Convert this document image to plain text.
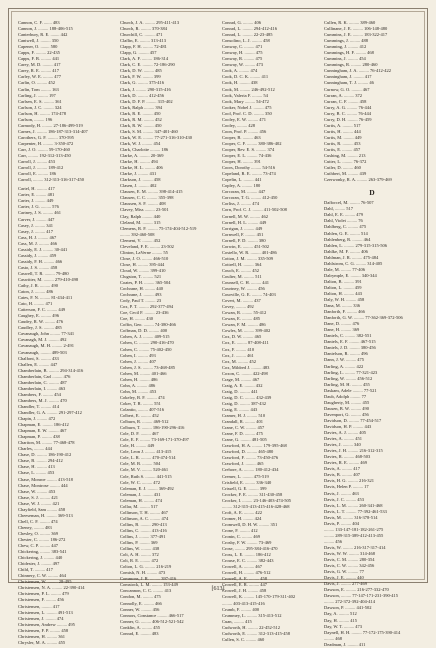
Cannon, C. F. ....... 483
Cannon, J. ......... 188-406-515
Canterbury, R. E. ........ 442
Cantwell, J. ......... 350
Capener, O. ........ 580
Capps, F. ......... 22-435
Capps, F. B. ......... 441
Carey, M. D. ......... 417
Carey, R. E. ......... 417
Carley, W. E. ......... 477
Carlin, O. ......... 452
Carlin, Tom ......... 163
Carling, J. ......... 197
Carlsen, E. S. ......... 361
Carlson, J. C. ......... 324
Carlson, H. ......... 174-478
Carlson, ......... 196
Carmody, H. ......... 27-186-499-519
Carnes, J. ......... 186-187-313-314-407
Carothers, G. F. ......... 370-595
Carpenter, H. ......... 3-350-472
Carr, J. O. ......... 59-170-460
Carr, ......... 192-312-313-450
Carroll, J. ......... 453
Carroll, J. ......... 189-412
Carroll, E. ......... 186
Carroll, ......... 312-313-316-317-450
Cartel, H. ......... 417
Carter, E. ......... 481
Carter, J. ......... 449
Carter, J. G. ......... 576
Cartney, J. S. ......... 461
Carver, J. ......... 447
Casey, J. ......... 341
Casey, J. ......... 417
Cass, H. J. ......... 467
Cass, M. J. ......... 466
Cassidy, E. J. ......... 30-441
Cassidy, J. ......... 459
Cassidy, F. H. ......... 466
Casto, J. S. ......... 458
Caswell, T. R. ......... 79-480
Caswitter, M. ......... 279-410-498
Cathy, J. R. ......... 490
Caton, J. ......... 486
Cates, F. N. ......... 81-434-411
Cato, H. ......... 471
Catterson, F. C. ......... 449
Caughey, E. ......... 496
Caudey, R. W. ......... 476
Caudley, J. S. ......... 485
Cavanaugh, John ......... 77-341
Cavanagh, M. J. ......... 492
Cavanaugh, M. H. ......... 2-491
Cavanaugh, ......... 489-503
Chalfont, S. ......... 433
Challen, E. ......... 447
Chamberlain, B. ......... 294-314-416
Chamberlain, Carl ......... 476
Chamberlain, C. ......... 487
Chamberlain, I. ......... 463
Chambers, F. ......... 454
Chambers, M. J. ......... 470
Chandler, T. ......... 414
Chandler, G. A. ......... 291-297-412
Chapin, J. ......... 472
Chapman, E. ......... 186-412
Chapman, E. W. ......... 467
Chapman, P. ......... 438
Chariton, M. ......... 77-468-478
Charles, ......... 444
Chase, D. ......... 186-190-412
Chase, B. ......... 294-412
Chase, H. ......... 413
Chase, L. ......... 453
Chase, Monroe ......... 413-518
Chase, Montrose ......... 444
Chase, W. ......... 453
Chase, S. J. ......... 421
Chase, W. J. ......... 421
Chayfield, Sam ......... 458
Cheeseman, H. ......... 369-513
Chell, C. F. ......... 474
Cheney, ......... 483
Chesley, O. ......... 369
Chester, C. ......... 186-272
Chew, C. P. ......... 447
Chickering, ......... 383-541
Chickering, J. ......... 440
Chidester, J. ......... 497
Child, T. ......... 417
Chinnery, C. W. ......... 464
Christensen, W. ......... 28-495
Christensen, N. A. ......... 22-390-414
Christensen, P. L. ......... 479
Christensen, F. ......... 456
Christensen, ......... 417
Christensen, L. ......... 491-513
Christensen, J. ......... 474
Christensen, Andrew ......... 495
Christensen, F. P. ......... 458
Christensen, H. ......... 361
Chrysler, M. A. ......... 455
Church, J. A. ......... 295-411-413
Church, R. ......... 370-384
Churchill, C. ......... 471
Claflin, E. ......... 313-413
Clapp, F. H. ......... 72-481
Clapp, G. ......... 457
Clark, A. F. ......... 186-314
Clark, C. E. ......... 72-186-290
Clark, D. W. ......... 485
Clark, F. W. ......... 399
Clark, G. ......... 375-416
Clark, J. ......... 290-315-416
Clark, D. ......... 412-456
Clark, D. F. P. ......... 315-402
Clark, Ralph ......... 394
Clark, R. E. ......... 450
Clark, R. M. ......... 452
Clark, R. W. ......... 450
Clark, S. M. ......... 347-401-460
Clark, W. E. ......... 77-271-316-310-430
Clark, W. J. ......... 454
Clark, Charlotte ......... 186
Clarke, A. ......... 20-369
Clarke, H. ......... 494
Clarke, H. L. ......... 406
Clarke, J. ......... 431
Clarkson, J. ......... 458
Clasen, J. ......... 402
Clausen, E. M. ......... 398-414-415
Clausen, C. C. ......... 355-398
Claussen, S. F. ......... 408
Clavey, Miss ......... 23-501
Clay, Ralph ......... 440
Cleland, M. ......... 315
Clemens, R. F. ......... 75-174-404-512-519
......... 392-460-508
Clement, V. ......... 452
Cleveland, F. E. ......... 23-502
Clinton, LaVerne ......... 55
Close, J. O. ......... 466-510
Close, H. ......... 395-444
Cloud, W. ......... 399-410
Clugston, T. ......... 521
Coates, P. H. ......... 365-504
Cochrane, H. ......... 440
Cochrane, J. ......... 493
Cody, Paul T. ......... 23
Cox, P. T. ......... 292-377-494
Coe, Cecil F. ......... 23-436
Coe, H. ......... 430
Coffin, Geo. ......... 74-380-466
Coffman, D. D. ......... 400
Cohen, A. J. ......... 409-515
Cohen, C. ......... 290-416-470
Cohen, C. ......... 75-402-450
Cohen, I. ......... 493
Cohen, J. ......... 407
Cohen, J. S. ......... 73-468-485
Cohen, M. ......... 401-466
Cohen, H. ......... 486
Cohn, A. ......... 486
Cohn, M. ......... 453
Cokeley, B. F. ......... 474
Coker, T. R. ......... 551
Colantio, ......... 407-516
Colbert, E. ......... 452
Colburn, R. ......... 469-512
Colburn, T. ......... 186-190-296-416
Cole, D. F. ......... 467
Cole, E. F. ......... 73-169-171-370-497
Cole, H. ......... 449
Cole, Leon J. ......... 413-415
Cole, L. R. ......... 470-474-514
Cole, M. B. ......... 504
Cole, M. V. ......... 520-461
Cole, Ruth S. ......... 441-515
Cole, W. C. ......... 472
Coleman, E. J. ......... 369-492
Coleman, J. ......... 431
Coleman, H. ......... 474
Collar, M. ......... 517
Collinson, T. H. ......... 467
Collinson, A. C. ......... 474
Collins, B. ......... 290-413
Collins, C. ......... 413-416
Collins, J. ......... 377-491
Collins, P. ......... 369
Collins, W. ......... 438
Colt, A. H. ......... 372
Colt, R. E. ......... 472
Colton, L. G. ......... 216-219
Comish, N. H. ......... 473
Commons, J. R. ......... 397-416
Comstock, L. M. ......... 153-449
Concannon, C. C. ......... 413
Condon, M. ......... 475
Connolly, E. ......... 466
Conner, W. ......... 456
Connors, Constance ......... 466-517
Conner, G. ......... 406-512-521-542
Conklin, A. ......... 455
Conrad, E. ......... 483
Conrad, G. ......... 406
Conrad, L. ......... 294-412-416
Conrad, L. ......... 22-23-485
Consolino, L. J. ......... 458
Conway, C. ......... 471
Conway, H. ......... 475
Conway, R. ......... 475
Conway, W. ......... 473
Cook, A. ......... 474
Cook, D. C. K. ......... 411
Cook, H. ......... 438
Cook, M. ......... 246-492-512
Cook, Valeria F. ......... 54
Cook, Mary ......... 54-472
Cooker, Nobel J. ......... 475
Cool, Prof. C. D. ......... 350
Cooley, E. W. ......... 471
Cooley, ......... 428
Coon, Prof. P. ......... 456
Cooper, B. ......... 463
Cooper, C. F. ......... 380-386-402
Cooper, Rev. E. S. ......... 374
Cooper, E. L. ......... 74-436
Cooper, H. ......... 391
Coors, Dorothy ......... 54-516
Copeland, R. E. ......... 73-474
Copelin, L. ......... 441
Copley, A. ......... 180
Corcoran, M. ......... 447
Corcoran, T. G. ......... 412-450
Corliss, J. ......... 474
Corn, Prof. C. J. ......... 411-502-508
Cornell, M. W. ......... 462
Cornell, H. L. ......... 449
Corrigan, J. ......... 449
Cornwell, F. ......... 451
Cornell, F. D. ......... 380
Corwin, E. ......... 451-502
Costello, W. R. ......... 401-486
Cotton, J. M. ......... 335-509
Cottrell, H. ......... 364
Couch, E. ......... 452
Coulter, M. ......... 511
Counsell, C. H. ......... 441
Courtney, W. ......... 456
Courville, G. E. ......... 74-403
Covert, M. ......... 437
Covey, ......... 492
Cowan, R. ......... 55-412
Cowan, E. ......... 485
Cowan, F. M. ......... 486
Cowles, M. ......... 399-402
Cox, D. W. ......... 465
Cox, E. ......... 87-408-411
Cox, F. ......... 410
Cox, J. ......... 461
Cox, M. ......... 452
Cox, Mildred J. ......... 483
Coxon, C. ......... 422-498
Crage, M. ......... 467
Craig, A. E. ......... 432
Craig, D. ......... 441
Craig, D. C. ......... 432-439
Craig, D. ......... 387-432
Craig, E. ......... 443
Cramer, H. J. ......... 510
Crandall, R. ......... 401
Crane, C. W. ......... 457
Crane, F. D. ......... 475
Crane, G. ......... 481-505
Crawford, H. A. ......... 179-395-468
Crawford, D. ......... 465-480
Crawford, F. ......... 73-450-476
Crawford, J. ......... 465
Crehore, A. ......... 180-412-434
Cremer, L. ......... 475-519
Crisfield, E. ......... 336-340
Crissell, G. E. ......... 399
Crocker, F. E. ......... 311-430-458
Crocker, I. ......... 23-146-403-474-505
......... 312-315-413-415-416-428-468
Croft, A. E. ......... 422
Cromer, H. ......... 424
Cromwell, D. H. W. ......... 351
Crone, F. ......... 412
Cronin, C. ......... 469
Crosby, F. W. ......... 73-469
Crose, ......... 295-384-416-470
Cross, L. E. ......... 186-412
Crouse, E. C. ......... 382-443
Crowell, A. ......... 467
Crowell, H. ......... 476-512
Crowell, A. E. ......... 458
Crowell, E. R. ......... 447
Crowell, J. H. ......... 458
Crowell, K. ......... 145-170-179-311-402
......... 403-413-415-416
Crumb, F. ......... 400
Crummey, L. ......... 315-413-512
Cuan, ......... 415
Cudworth, H. ......... 22-452-512
Cudworth, E. ......... 312-313-415-458
Cullen, S. C. ......... 460
Cullen, R. K. ......... 389-460
Cullinane, J. E. ......... 106-148-480
Cummins, J. E. ......... 183-322-417
Cummings, J. ......... 488
Cumming, J. ......... 412
Cummings, H. F. ......... 468
Cummins, J. ......... 454
Cummings, R. ......... 280-460
Cunningham, J. A. ......... 76-412-422
Cunningham, J. ......... 417
Cunningham, T. J. ......... 46
Curnow, G. O. ......... 467
Curran, A. ......... 372
Curran, C. F. ......... 458
Curry, A. G. ......... 76-444
Curry, B. C. ......... 76-444
Curry, D. H. ......... 76-459
Curtis, A. ......... 517
Curtis, H. ......... 444
Curtis, M. ......... 449
Curtis, R. ......... 453
Curtis, E. ......... 457
Cushing, M. ......... 213
Cutter, L. ......... 76-372
Cutler, D. ......... 460
Cuthbert, M. ......... 439
Czerwonky, R. A. ......... 263-379-469
D
Dafforcel, M. ......... 76-507
Dahl, ......... 517
Dahl, E. E. ......... 479
Dahl, Violet ......... 76
Dahlberg, C. ......... 475
Dahlen, G. E. ......... 514
Dahlenberg, R. ......... 464
Dahlen, L. ......... 279-315-315-506
Dahlke, M. F. ......... 406
Dahlman, J. R. ......... 475-484
Dahlstrom, C. G. ......... 314-405
Dale, M. ......... 77-406
Dalrymple, E. ......... 340-344
Dalton, B. ......... 391
Dalton, L. ......... 459
Dalton, H. ......... 443
Daly, W. H. ......... 458
Dana, M. ......... 336
Danforth, F. ......... 466
Danforth, G. W. ......... 77-362-369-372-506
Dane, D. ......... 476
Dane, H. ......... 369
Daniels, C. ......... 382-551
Daniels, E. F. ......... 467-515
Daniels, J. D. ......... 380-456
Danielson, R. ......... 496
Dann, J. W. ......... 475
Darling, A. ......... 422
Darling, L. ......... 77-321-423
Darling, W. ......... 456-512
Darling, M. H. ......... 455
Daskam, Adele ......... 77-521
Daub, Adolph ......... 77
Daugherty, M. ......... 455
Dausen, B. W. ......... 490
Davenport, G. ......... 456
Davidson, D. ......... 77-454-517
Davidson, H. P. ......... 443
Davies, A. J. ......... 405
Davies, A. ......... 451
Davies, J. ......... 340
Davies, J. H. ......... 216-312-315
Davies, R. ......... 468-503
Davies, R. E. ......... 469
Davis, A. ......... 417
Davis, B. ......... 407
Davis, H. G. ......... 216-321
Davis, Helen P. ......... 17
Davis, J. ......... 463
Davis, J. C. ......... 453
Davis, L. M. ......... 260-341-468
Davis, L. T. ......... 77-392-461-533
Davis, M. ......... 316-378-514
Davis, P. ......... 404
......... 133-147-181-182-261-275
......... 289-315-389-412-413-455
......... 456
Davis, W. ......... 216-317-317-414
Davis, W. W. ......... 314-468
Davis, C. M. ......... 280-354
Davis, C. W. ......... 342-456
Davis, G. W. ......... 77
Davis, J. E. ......... 440
Davis, J. ......... 277-469
Dawson, E. ......... 216-277-332-470
Dawson, ......... 77-147-171-231-390-415
......... 272-372-392-404-414
Dawson, P. ......... 441-502
Day, A. ......... 512
Day, H. ......... 415
Day, W. T. ......... 473
Daynell, H. H. ......... 77-172-175-390-414
......... 468
Deadman, J. ......... 411
[613]
